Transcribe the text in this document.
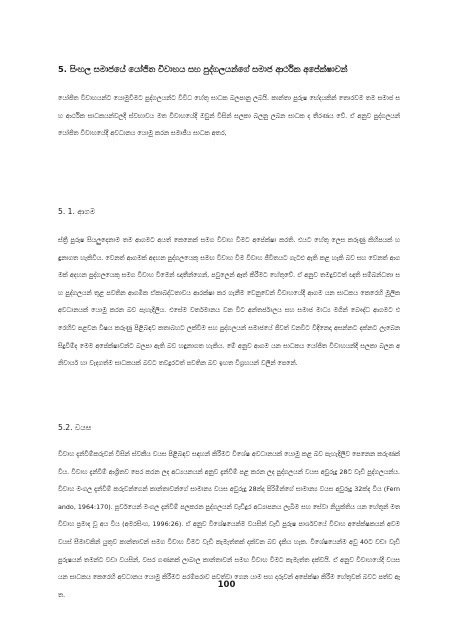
5. සිංහල සමාජයේ යෝජිත විවාහය සහ පුද්ගලයන්ගේ සමාජ ආර්ථික අපේක්ෂාවන්

යෝජිත විවාහයන්ට යොමුවීමට පුද්ගලයන්ට විවිධ හේතු සාධක බලපානු ලබයි. කාන්තා පුරුෂ භේදයකින් තොරවම තම සමාජ සහ ආර්ථික සාධකයන්වලදී ස්වභාවය මත විවාහයේදී ඔවුන් විසින් සලකා බලනු ලබන සාධක ද තීරණය වේ. ඒ අනුව පුද්ගලයන් යෝජිත විවාහයේදී අවධානය යොමු කරන සමාජීය සාධක අතර,

5. 1. ආගම

ස්ත්‍රී පුරුෂ සියලුදෙනාම තම ආගමට අයත් කෙනෙක් සමග විවාහ වීමට අපේක්ෂා කරති. එයට හේතු ලෙස කරුණු කිහිපයක් හඳුනාගත හැකිවිය. වෙනත් ආගමක් අදහන පුද්ගලයෙකු සමඟ විවාහ වීම විවාහ ජීවිතයට ගැටළු ඇති කළ හැකි බව සහ වෙනත් ආගමක් අදහන පුද්ගලයෙකු සමග විවාහ වීමෙන් ඥාතීන්ගෙන්, පවුලෙන් ඈත් කිරීමට හේතුවේ. ඒ අනුව තමදුවටත් ඥාති සම්බන්ධතා සහ පුද්ගලයන් තුළ පවතින ආගමික ඒකාබද්ධතාවය ආරක්ෂා කර ගැනීම වෙනුවෙන් විවාහයේදී ආගම යන සාධකය කෙරෙහි මූලික අවධානයක් යොමු කරන බව පැහැදිලිය. එසේම වර්තමානය වන විට අන්තර්ජාලය සහ සමාජ මාධ්‍ය මගින් බෞද්ධ ආගමට එරෙහිව පළවන විෂය කරුණු පිළිබඳව කතාබහට ලක්වීම සහ පුද්ගලයන් සමාජයේ ජීවත් වනවිට විදිනෙදා අසන්නට දක්නට ලැබෙන සිදුවීම්ද මෙම අපේක්ෂාවන්ට බලපා ඇති බව හඳුනාගත හැකිය. මේ අනුව ආගම යන සාධකය යෝජිත විවාහයන්දී සලකා බලන අනිවාර්ය හා වැදගත්ම සාධකයක් බවට තවදුරටත් පවතින බව ඉහත විග්‍රහයන් වලින් පෙනේ.

5.2. වයස

විවාහ දැන්වීම්කරුවන් විසින් ස්වකීය වයස පිළිබඳව සඳහන් කිරීමට විශේෂ අවධානයක් යොමු කළ බව පැහැදිලිව පෙනෙන කරුණක් විය. විවාහ දැන්වීම් ආශ්‍රිතව පෙර කරන ලද අධ්‍යයනයන් අනුව දැන්වීම් පළ කරන ලද පුද්ගලයන් වයස අවුරුදු 28ට වැඩි පුද්ගලයන්ය. විවාහ මංගල දැන්වීම් කරුවන්ගෙන් කාන්තාවන්ගේ සාමාන්‍ය වයස අවුරුදු 28ක්ද පිරිමින්ගේ සාමාන්‍ය වයස අවුරුදු 32ක්ද විය (Fernando, 1964:170). පූර්වයෙන් මංගල දැන්වීම් පලකරන පුද්ගලයන් වැඩිදුර අධ්‍යාපනය ලැබීම සහ සේවා නියුක්තිය යන හේතූන් මත විවාහ ප්‍රමාද වූ අය විය (අමරසිංහ, 1996:26). ඒ අනුව විශේෂයෙන්ම වයසින් වැඩි පුරුෂ පාර්ශවයේ විවාහ අපේක්ෂකයන් අවම වයස් සීමාවකින් යුතුව කාන්තාවන් සමග විවාහ වීමට වැඩි කැමැත්තක් දක්වන බව දැකිය හැක. විශේෂයෙන්ම අවු 40ට වඩා වැඩි පුරුෂයන් තමන්ට වඩා වයසින්, වසර ගණනක් ලාබාල කාන්තාවන් සමඟ විවාහ වීමට කැමැත්ත දක්වයි. ඒ අනුව විවාහයේදී වයස යන සාධකය කෙරෙහි අවධානය යොමු කිරීමට පරම්පරාව පවත්වා ගෙන යාම සහ දරුවන් අපේක්ෂා කිරීම හේතුවක් බවට පත්ව ඇත.

100
